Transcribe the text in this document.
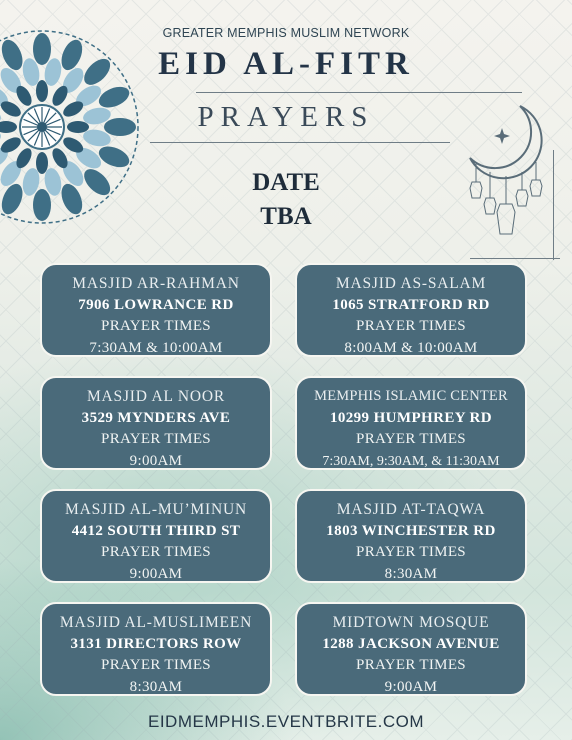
GREATER MEMPHIS MUSLIM NETWORK
EID AL-FITR
PRAYERS
DATE
TBA
MASJID AR-RAHMAN
7906 LOWRANCE RD
PRAYER TIMES
7:30AM & 10:00AM
MASJID AS-SALAM
1065 STRATFORD RD
PRAYER TIMES
8:00AM & 10:00AM
MASJID AL NOOR
3529 MYNDERS AVE
PRAYER TIMES
9:00AM
MEMPHIS ISLAMIC CENTER
10299 HUMPHREY RD
PRAYER TIMES
7:30AM, 9:30AM, & 11:30AM
MASJID AL-MU’MINUN
4412 SOUTH THIRD ST
PRAYER TIMES
9:00AM
MASJID AT-TAQWA
1803 WINCHESTER RD
PRAYER TIMES
8:30AM
MASJID AL-MUSLIMEEN
3131 DIRECTORS ROW
PRAYER TIMES
8:30AM
MIDTOWN MOSQUE
1288 JACKSON AVENUE
PRAYER TIMES
9:00AM
EIDMEMPHIS.EVENTBRITE.COM
